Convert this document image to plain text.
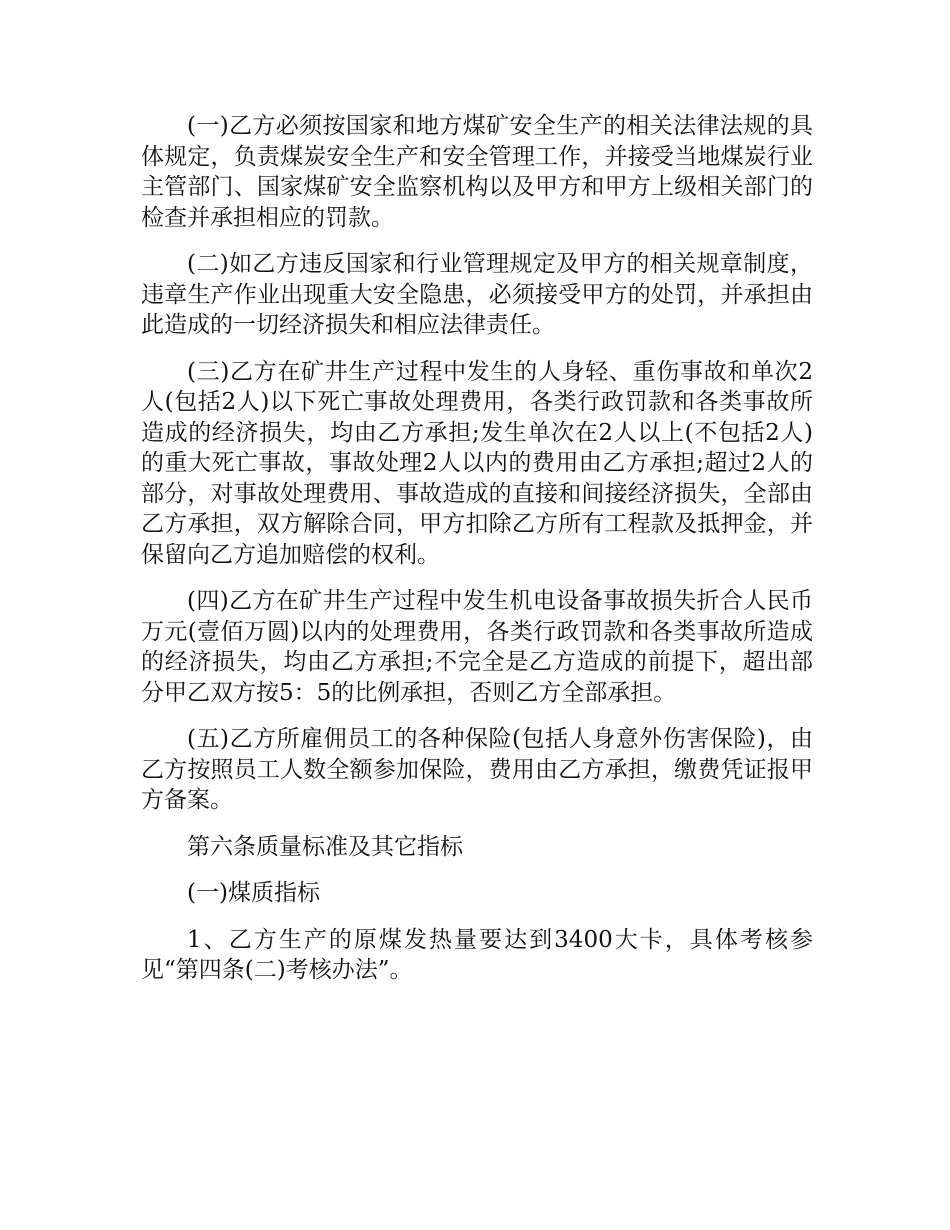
(一)乙方必须按国家和地方煤矿安全生产的相关法律法规的具体规定，负责煤炭安全生产和安全管理工作，并接受当地煤炭行业主管部门、国家煤矿安全监察机构以及甲方和甲方上级相关部门的检查并承担相应的罚款。

(二)如乙方违反国家和行业管理规定及甲方的相关规章制度，违章生产作业出现重大安全隐患，必须接受甲方的处罚，并承担由此造成的一切经济损失和相应法律责任。

(三)乙方在矿井生产过程中发生的人身轻、重伤事故和单次2人(包括2人)以下死亡事故处理费用，各类行政罚款和各类事故所造成的经济损失，均由乙方承担;发生单次在2人以上(不包括2人)的重大死亡事故，事故处理2人以内的费用由乙方承担;超过2人的部分，对事故处理费用、事故造成的直接和间接经济损失，全部由乙方承担，双方解除合同，甲方扣除乙方所有工程款及抵押金，并保留向乙方追加赔偿的权利。

(四)乙方在矿井生产过程中发生机电设备事故损失折合人民币万元(壹佰万圆)以内的处理费用，各类行政罚款和各类事故所造成的经济损失，均由乙方承担;不完全是乙方造成的前提下，超出部分甲乙双方按5：5的比例承担，否则乙方全部承担。

(五)乙方所雇佣员工的各种保险(包括人身意外伤害保险)，由乙方按照员工人数全额参加保险，费用由乙方承担，缴费凭证报甲方备案。

第六条质量标准及其它指标

(一)煤质指标

1、乙方生产的原煤发热量要达到3400大卡，具体考核参见“第四条(二)考核办法”。
